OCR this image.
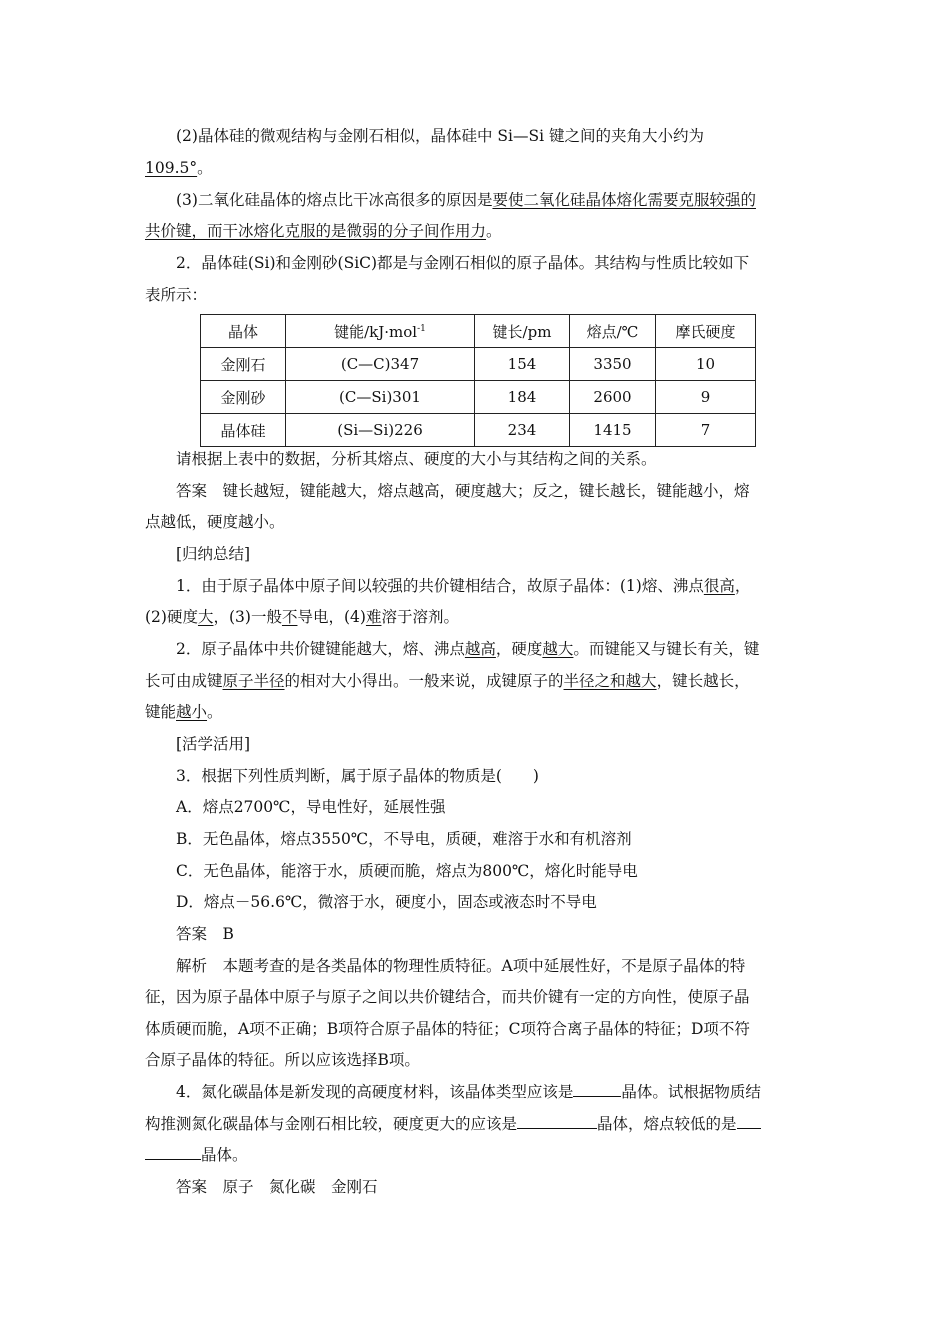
(2)晶体硅的微观结构与金刚石相似，晶体硅中 Si—Si 键之间的夹角大小约为
109.5°。
(3)二氧化硅晶体的熔点比干冰高很多的原因是要使二氧化硅晶体熔化需要克服较强的
共价键，而干冰熔化克服的是微弱的分子间作用力。
2．晶体硅(Si)和金刚砂(SiC)都是与金刚石相似的原子晶体。其结构与性质比较如下
表所示：
晶体	键能/kJ·mol$^{-1}$	键长/pm	熔点/℃	摩氏硬度
金刚石	(C—C)347	154	3350	10
金刚砂	(C—Si)301	184	2600	9
晶体硅	(Si—Si)226	234	1415	7
请根据上表中的数据，分析其熔点、硬度的大小与其结构之间的关系。
答案　键长越短，键能越大，熔点越高，硬度越大；反之，键长越长，键能越小，熔
点越低，硬度越小。
[归纳总结]
1．由于原子晶体中原子间以较强的共价键相结合，故原子晶体：(1)熔、沸点很高，
(2)硬度大，(3)一般不导电，(4)难溶于溶剂。
2．原子晶体中共价键键能越大，熔、沸点越高，硬度越大。而键能又与键长有关，键
长可由成键原子半径的相对大小得出。一般来说，成键原子的半径之和越大，键长越长，
键能越小。
[活学活用]
3．根据下列性质判断，属于原子晶体的物质是(　　)
A．熔点2700℃，导电性好，延展性强
B．无色晶体，熔点3550℃，不导电，质硬，难溶于水和有机溶剂
C．无色晶体，能溶于水，质硬而脆，熔点为800℃，熔化时能导电
D．熔点－56.6℃，微溶于水，硬度小，固态或液态时不导电
答案　B
解析　本题考查的是各类晶体的物理性质特征。A项中延展性好，不是原子晶体的特
征，因为原子晶体中原子与原子之间以共价键结合，而共价键有一定的方向性，使原子晶
体质硬而脆，A项不正确；B项符合原子晶体的特征；C项符合离子晶体的特征；D项不符
合原子晶体的特征。所以应该选择B项。
4．氮化碳晶体是新发现的高硬度材料，该晶体类型应该是	晶体。试根据物质结
构推测氮化碳晶体与金刚石相比较，硬度更大的应该是	晶体，熔点较低的是
晶体。
答案　原子　氮化碳　金刚石
